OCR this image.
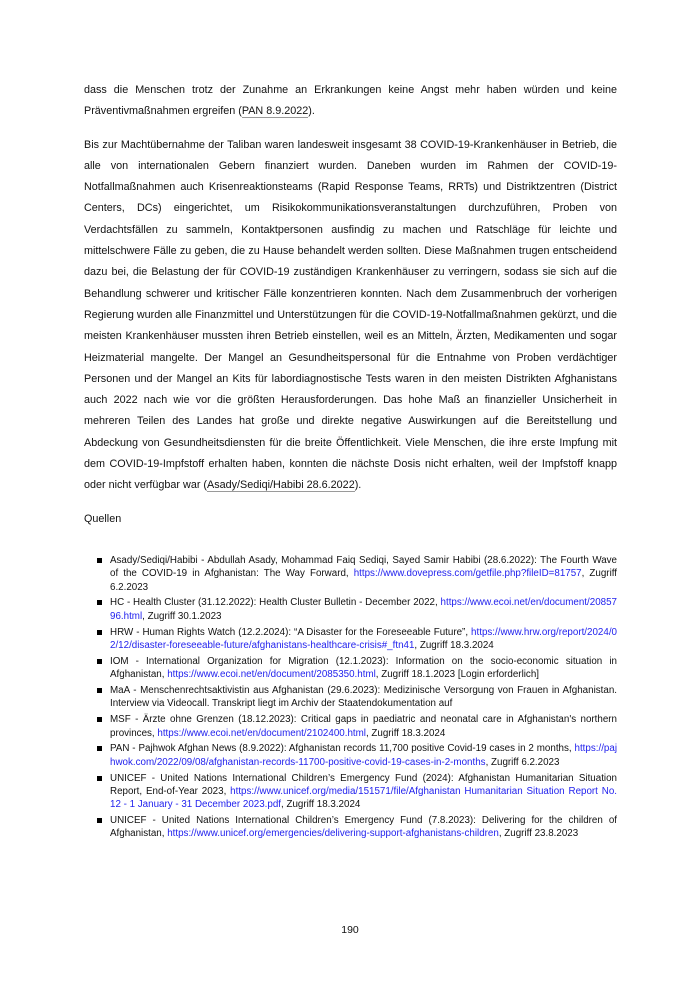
dass die Menschen trotz der Zunahme an Erkrankungen keine Angst mehr haben würden und keine Präventivmaßnahmen ergreifen (PAN 8.9.2022).

Bis zur Machtübernahme der Taliban waren landesweit insgesamt 38 COVID-19-Krankenhäuser in Betrieb, die alle von internationalen Gebern finanziert wurden. Daneben wurden im Rahmen der COVID-19-Notfallmaßnahmen auch Krisenreaktionsteams (Rapid Response Teams, RRTs) und Distriktzentren (District Centers, DCs) eingerichtet, um Risikokommunikationsveranstaltungen durchzuführen, Proben von Verdachtsfällen zu sammeln, Kontaktpersonen ausfindig zu machen und Ratschläge für leichte und mittelschwere Fälle zu geben, die zu Hause behandelt werden sollten. Diese Maßnahmen trugen entscheidend dazu bei, die Belastung der für COVID-19 zuständigen Krankenhäuser zu verringern, sodass sie sich auf die Behandlung schwerer und kritischer Fälle konzentrieren konnten. Nach dem Zusammenbruch der vorherigen Regierung wurden alle Finanzmittel und Unterstützungen für die COVID-19-Notfallmaßnahmen gekürzt, und die meisten Krankenhäuser mussten ihren Betrieb einstellen, weil es an Mitteln, Ärzten, Medikamenten und sogar Heizmaterial mangelte. Der Mangel an Gesundheitspersonal für die Entnahme von Proben verdächtiger Personen und der Mangel an Kits für labordiagnostische Tests waren in den meisten Distrikten Afghanistans auch 2022 nach wie vor die größten Herausforderungen. Das hohe Maß an finanzieller Unsicherheit in mehreren Teilen des Landes hat große und direkte negative Auswirkungen auf die Bereitstellung und Abdeckung von Gesundheitsdiensten für die breite Öffentlichkeit. Viele Menschen, die ihre erste Impfung mit dem COVID-19-Impfstoff erhalten haben, konnten die nächste Dosis nicht erhalten, weil der Impfstoff knapp oder nicht verfügbar war (Asady/Sediqi/Habibi 28.6.2022).

Quellen
Asady/Sediqi/Habibi - Abdullah Asady, Mohammad Faiq Sediqi, Sayed Samir Habibi (28.6.2022): The Fourth Wave of the COVID-19 in Afghanistan: The Way Forward, https://www.dovepress.com/getfile.php?fileID=81757, Zugriff 6.2.2023
HC - Health Cluster (31.12.2022): Health Cluster Bulletin - December 2022, https://www.ecoi.net/en/document/2085796.html, Zugriff 30.1.2023
HRW - Human Rights Watch (12.2.2024): “A Disaster for the Foreseeable Future”, https://www.hrw.org/report/2024/02/12/disaster-foreseeable-future/afghanistans-healthcare-crisis#_ftn41, Zugriff 18.3.2024
IOM - International Organization for Migration (12.1.2023): Information on the socio-economic situation in Afghanistan, https://www.ecoi.net/en/document/2085350.html, Zugriff 18.1.2023 [Login erforderlich]
MaA - Menschenrechtsaktivistin aus Afghanistan (29.6.2023): Medizinische Versorgung von Frauen in Afghanistan. Interview via Videocall. Transkript liegt im Archiv der Staatendokumentation auf
MSF - Ärzte ohne Grenzen (18.12.2023): Critical gaps in paediatric and neonatal care in Afghanistan's northern provinces, https://www.ecoi.net/en/document/2102400.html, Zugriff 18.3.2024
PAN - Pajhwok Afghan News (8.9.2022): Afghanistan records 11,700 positive Covid-19 cases in 2 months, https://pajhwok.com/2022/09/08/afghanistan-records-11700-positive-covid-19-cases-in-2-months, Zugriff 6.2.2023
UNICEF - United Nations International Children’s Emergency Fund (2024): Afghanistan Humanitarian Situation Report, End-of-Year 2023, https://www.unicef.org/media/151571/file/Afghanistan Humanitarian Situation Report No. 12 - 1 January - 31 December 2023.pdf, Zugriff 18.3.2024
UNICEF - United Nations International Children’s Emergency Fund (7.8.2023): Delivering for the children of Afghanistan, https://www.unicef.org/emergencies/delivering-support-afghanistans-children, Zugriff 23.8.2023
190
